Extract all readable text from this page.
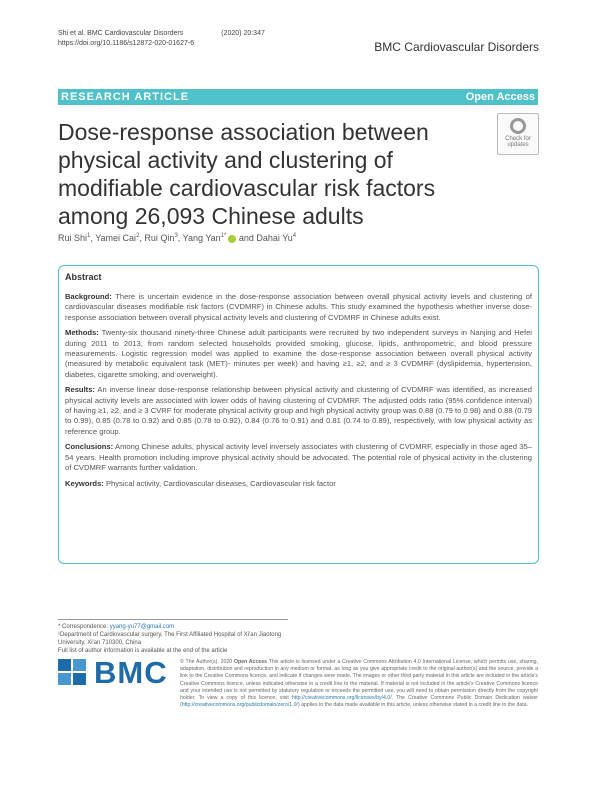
Shi et al. BMC Cardiovascular Disorders	(2020) 20:347
https://doi.org/10.1186/s12872-020-01627-6	BMC Cardiovascular Disorders
RESEARCH ARTICLE	Open Access
Dose-response association between physical activity and clustering of modifiable cardiovascular risk factors among 26,093 Chinese adults
Check for
updates
Rui Shi$^1$, Yamei Cai$^2$, Rui Qin$^3$, Yang Yan$^{1*}$ and Dahai Yu$^4$
Abstract

Background: There is uncertain evidence in the dose-response association between overall physical activity levels and clustering of cardiovascular diseases modifiable risk factors (CVDMRF) in Chinese adults. This study examined the hypothesis whether inverse dose-response association between overall physical activity levels and clustering of CVDMRF in Chinese adults exist.

Methods: Twenty-six thousand ninety-three Chinese adult participants were recruited by two independent surveys in Nanjing and Hefei during 2011 to 2013, from random selected households provided smoking, glucose, lipids, anthropometric, and blood pressure measurements. Logistic regression model was applied to examine the dose-response association between overall physical activity (measured by metabolic equivalent task (MET)- minutes per week) and having ≥1, ≥2, and ≥ 3 CVDMRF (dyslipidemia, hypertension, diabetes, cigarette smoking, and overweight).

Results: An inverse linear dose-response relationship between physical activity and clustering of CVDMRF was identified, as increased physical activity levels are associated with lower odds of having clustering of CVDMRF. The adjusted odds ratio (95% confidence interval) of having ≥1, ≥2, and ≥ 3 CVRF for moderate physical activity group and high physical activity group was 0.88 (0.79 to 0.98) and 0.88 (0.79 to 0.99), 0.85 (0.78 to 0.92) and 0.85 (0.78 to 0.92), 0.84 (0.76 to 0.91) and 0.81 (0.74 to 0.89), respectively, with low physical activity as reference group.

Conclusions: Among Chinese adults, physical activity level inversely associates with clustering of CVDMRF, especially in those aged 35–54 years. Health promotion including improve physical activity should be advocated. The potential role of physical activity in the clustering of CVDMRF warrants further validation.

Keywords: Physical activity, Cardiovascular diseases, Cardiovascular risk factor

* Correspondence: yyang-yu77@gmail.com
¹Department of Cardiovascular surgery, The First Affiliated Hospital of Xi'an Jiaotong University, Xi'an 710300, China
Full list of author information is available at the end of the article
BMC © The Author(s). 2020 Open Access This article is licensed under a Creative Commons Attribution 4.0 International License, which permits use, sharing, adaptation, distribution and reproduction in any medium or format, as long as you give appropriate credit to the original author(s) and the source, provide a link to the Creative Commons licence, and indicate if changes were made. The images or other third party material in this article are included in the article's Creative Commons licence, unless indicated otherwise in a credit line to the material. If material is not included in the article's Creative Commons licence and your intended use is not permitted by statutory regulation or exceeds the permitted use, you will need to obtain permission directly from the copyright holder. To view a copy of this licence, visit http://creativecommons.org/licenses/by/4.0/. The Creative Commons Public Domain Dedication waiver (http://creativecommons.org/publicdomain/zero/1.0/) applies to the data made available in this article, unless otherwise stated in a credit line to the data.
